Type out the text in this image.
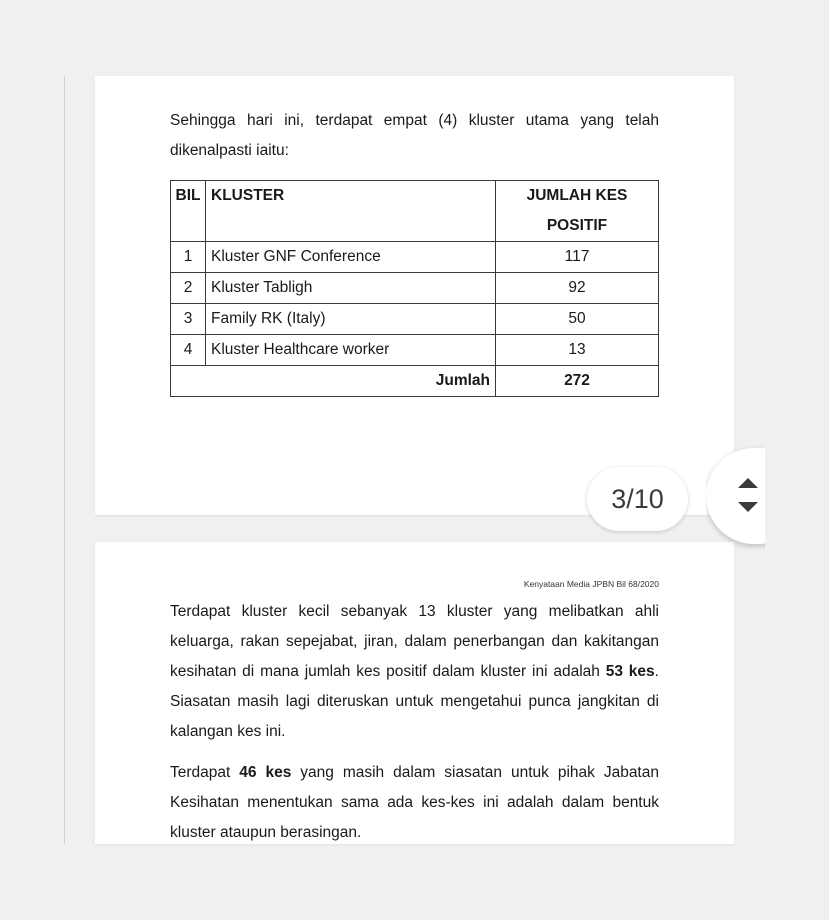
Sehingga hari ini, terdapat empat (4) kluster utama yang telah dikenalpasti iaitu:

BIL	KLUSTER	JUMLAH KES POSITIF
1	Kluster GNF Conference	117
2	Kluster Tabligh	92
3	Family RK (Italy)	50
4	Kluster Healthcare worker	13
Jumlah		272
Kenyataan Media JPBN Bil 68/2020

Terdapat kluster kecil sebanyak 13 kluster yang melibatkan ahli keluarga, rakan sepejabat, jiran, dalam penerbangan dan kakitangan kesihatan di mana jumlah kes positif dalam kluster ini adalah 53 kes. Siasatan masih lagi diteruskan untuk mengetahui punca jangkitan di kalangan kes ini.

Terdapat 46 kes yang masih dalam siasatan untuk pihak Jabatan Kesihatan menentukan sama ada kes-kes ini adalah dalam bentuk kluster ataupun berasingan.

3/10
